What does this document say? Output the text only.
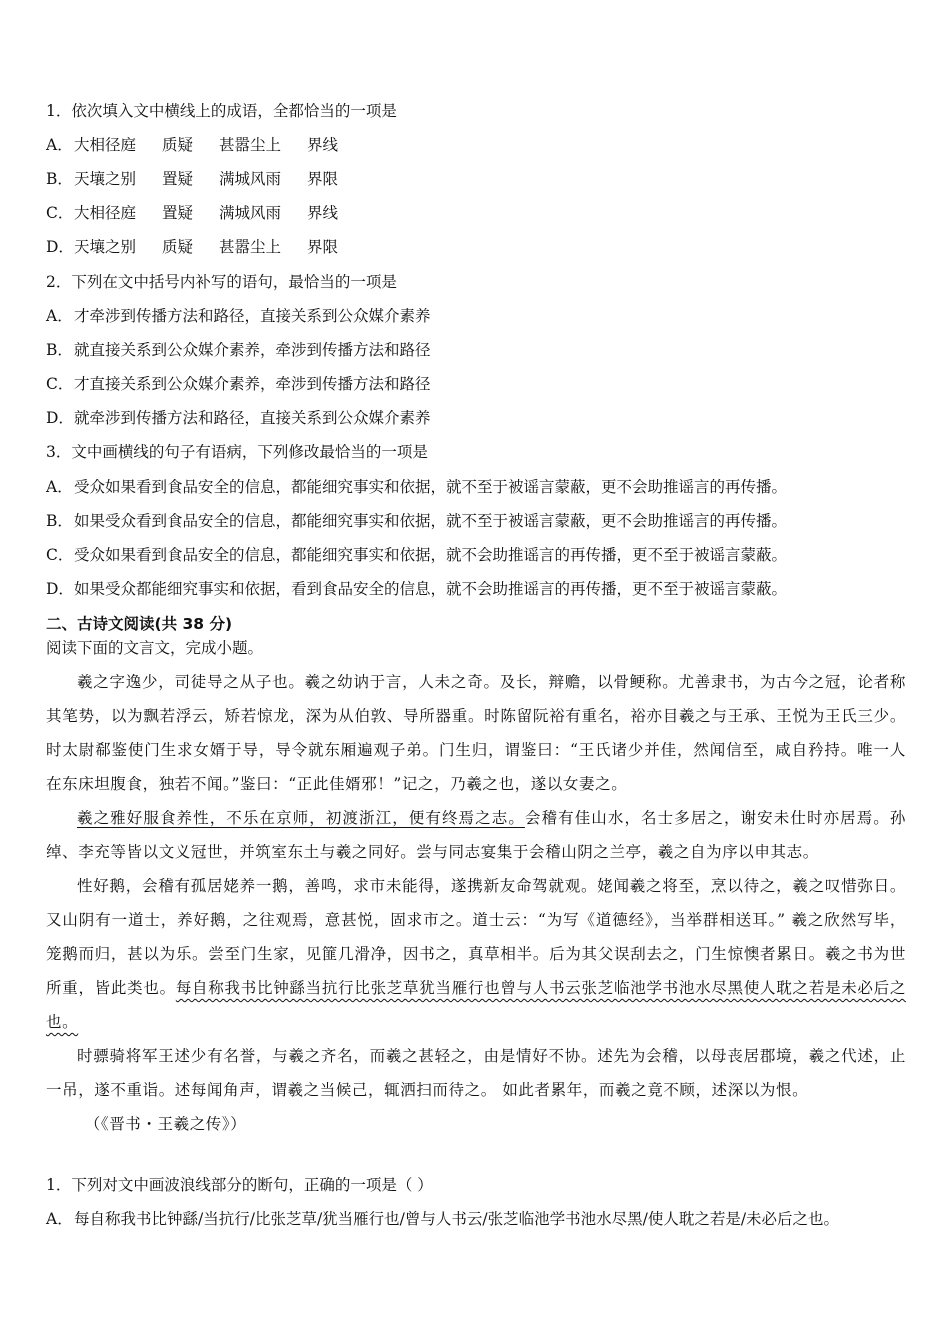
1．依次填入文中横线上的成语，全都恰当的一项是
A．大相径庭 质疑 甚嚣尘上 界线
B．天壤之别 置疑 满城风雨 界限
C．大相径庭 置疑 满城风雨 界线
D．天壤之别 质疑 甚嚣尘上 界限
2．下列在文中括号内补写的语句，最恰当的一项是
A．才牵涉到传播方法和路径，直接关系到公众媒介素养
B．就直接关系到公众媒介素养，牵涉到传播方法和路径
C．才直接关系到公众媒介素养，牵涉到传播方法和路径
D．就牵涉到传播方法和路径，直接关系到公众媒介素养
3．文中画横线的句子有语病，下列修改最恰当的一项是
A．受众如果看到食品安全的信息，都能细究事实和依据，就不至于被谣言蒙蔽，更不会助推谣言的再传播。
B．如果受众看到食品安全的信息，都能细究事实和依据，就不至于被谣言蒙蔽，更不会助推谣言的再传播。
C．受众如果看到食品安全的信息，都能细究事实和依据，就不会助推谣言的再传播，更不至于被谣言蒙蔽。
D．如果受众都能细究事实和依据，看到食品安全的信息，就不会助推谣言的再传播，更不至于被谣言蒙蔽。
二、古诗文阅读(共 38 分)
阅读下面的文言文，完成小题。

羲之字逸少，司徒导之从子也。羲之幼讷于言，人未之奇。及长，辩赡，以骨鲠称。尤善隶书，为古今之冠，论者称其笔势，以为飘若浮云，矫若惊龙，深为从伯敦、导所器重。时陈留阮裕有重名，裕亦目羲之与王承、王悦为王氏三少。时太尉郗鉴使门生求女婿于导，导令就东厢遍观子弟。门生归，谓鉴曰：“王氏诸少并佳，然闻信至，咸自矜持。唯一人在东床坦腹食，独若不闻。”鉴曰：“正此佳婿邪！”记之，乃羲之也，遂以女妻之。

羲之雅好服食养性，不乐在京师，初渡浙江，便有终焉之志。会稽有佳山水，名士多居之，谢安未仕时亦居焉。孙绰、李充等皆以文义冠世，并筑室东土与羲之同好。尝与同志宴集于会稽山阴之兰亭，羲之自为序以申其志。

性好鹅，会稽有孤居姥养一鹅，善鸣，求市未能得，遂携新友命驾就观。姥闻羲之将至，烹以待之，羲之叹惜弥日。又山阴有一道士，养好鹅，之往观焉，意甚悦，固求市之。道士云：“为写《道德经》，当举群相送耳。” 羲之欣然写毕，笼鹅而归，甚以为乐。尝至门生家，见篚几滑净，因书之，真草相半。后为其父误刮去之，门生惊懊者累日。羲之书为世所重，皆此类也。每自称我书比钟繇当抗行比张芝草犹当雁行也曾与人书云张芝临池学书池水尽黑使人耽之若是未必后之也。

时骠骑将军王述少有名誉，与羲之齐名，而羲之甚轻之，由是情好不协。述先为会稽，以母丧居郡境，羲之代述，止一吊，遂不重诣。述每闻角声，谓羲之当候己，辄洒扫而待之。 如此者累年，而羲之竟不顾，述深以为恨。

（《晋书・王羲之传》）

1．下列对文中画波浪线部分的断句，正确的一项是（ ）
A．每自称我书比钟繇/当抗行/比张芝草/犹当雁行也/曾与人书云/张芝临池学书池水尽黑/使人耽之若是/未必后之也。
